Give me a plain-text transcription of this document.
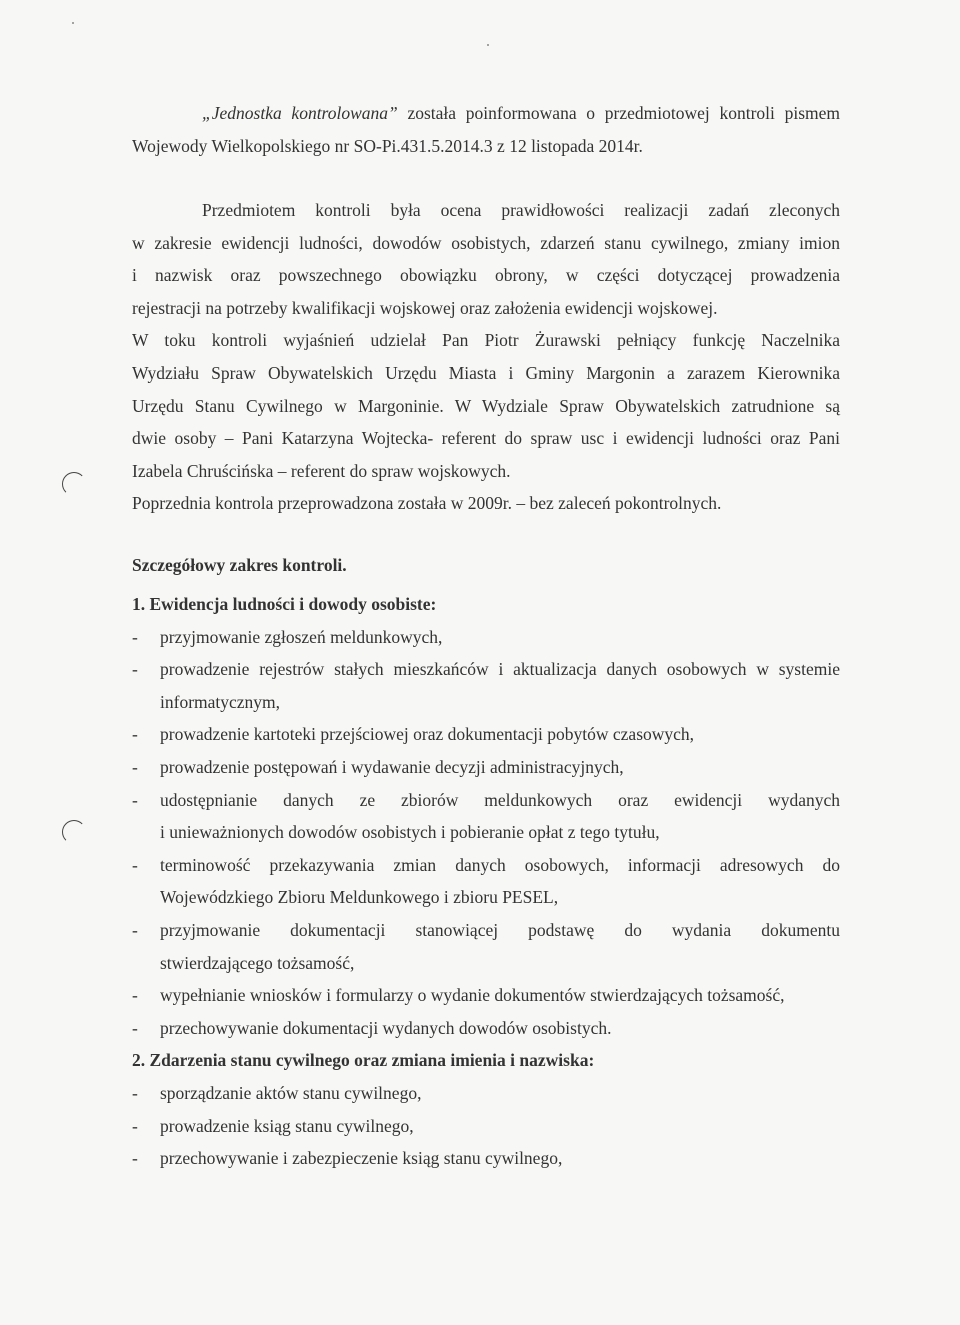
„Jednostka kontrolowana” została poinformowana o przedmiotowej kontroli pismem
Wojewody Wielkopolskiego nr SO-Pi.431.5.2014.3 z 12 listopada 2014r.
Przedmiotem kontroli była ocena prawidłowości realizacji zadań zleconych
w zakresie ewidencji ludności, dowodów osobistych, zdarzeń stanu cywilnego, zmiany imion
i nazwisk oraz powszechnego obowiązku obrony, w części dotyczącej prowadzenia
rejestracji na potrzeby kwalifikacji wojskowej oraz założenia ewidencji wojskowej.
W toku kontroli wyjaśnień udzielał Pan Piotr Żurawski pełniący funkcję Naczelnika
Wydziału Spraw Obywatelskich Urzędu Miasta i Gminy Margonin a zarazem Kierownika
Urzędu Stanu Cywilnego w Margoninie. W Wydziale Spraw Obywatelskich zatrudnione są
dwie osoby – Pani Katarzyna Wojtecka- referent do spraw usc i ewidencji ludności oraz Pani
Izabela Chruścińska – referent do spraw wojskowych.
Poprzednia kontrola przeprowadzona została w 2009r. – bez zaleceń pokontrolnych.
Szczegółowy zakres kontroli.
1. Ewidencja ludności i dowody osobiste:
-	przyjmowanie zgłoszeń meldunkowych,
-	prowadzenie rejestrów stałych mieszkańców i aktualizacja danych osobowych w systemie
informatycznym,
-	prowadzenie kartoteki przejściowej oraz dokumentacji pobytów czasowych,
-	prowadzenie postępowań i wydawanie decyzji administracyjnych,
-	udostępnianie danych ze zbiorów meldunkowych oraz ewidencji wydanych
i unieważnionych dowodów osobistych i pobieranie opłat z tego tytułu,
-	terminowość przekazywania zmian danych osobowych, informacji adresowych do
Wojewódzkiego Zbioru Meldunkowego i zbioru PESEL,
-	przyjmowanie dokumentacji stanowiącej podstawę do wydania dokumentu
stwierdzającego tożsamość,
-	wypełnianie wniosków i formularzy o wydanie dokumentów stwierdzających tożsamość,
-	przechowywanie dokumentacji wydanych dowodów osobistych.
2. Zdarzenia stanu cywilnego oraz zmiana imienia i nazwiska:
-	sporządzanie aktów stanu cywilnego,
-	prowadzenie ksiąg stanu cywilnego,
-	przechowywanie i zabezpieczenie ksiąg stanu cywilnego,
